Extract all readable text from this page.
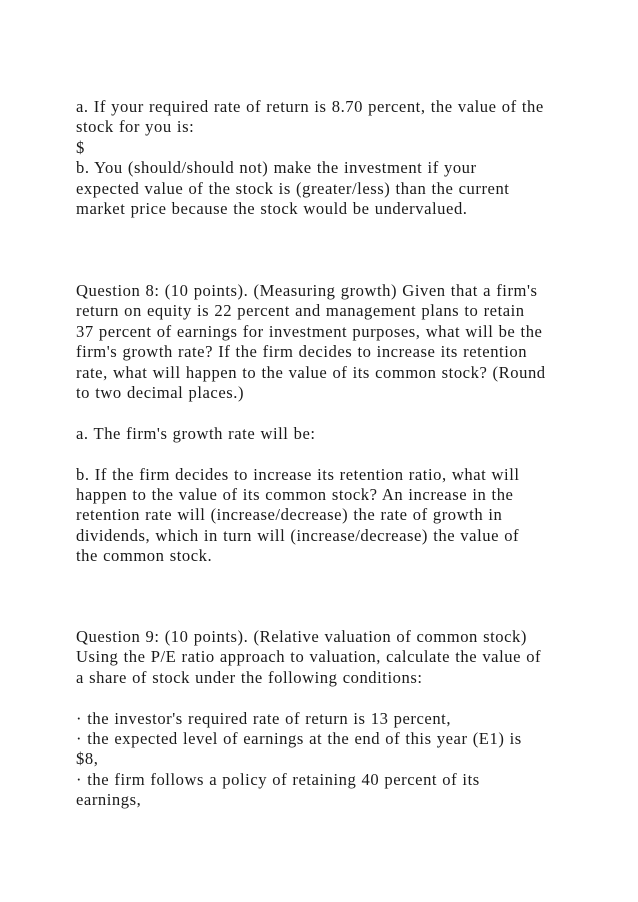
a. If your required rate of return is 8.70 percent, the value of the
stock for you is:
$
b. You (should/should not) make the investment if your
expected value of the stock is (greater/less) than the current
market price because the stock would be undervalued.
Question 8: (10 points). (Measuring growth) Given that a firm's
return on equity is 22 percent and management plans to retain
37 percent of earnings for investment purposes, what will be the
firm's growth rate? If the firm decides to increase its retention
rate, what will happen to the value of its common stock? (Round
to two decimal places.)
a. The firm's growth rate will be:
b. If the firm decides to increase its retention ratio, what will
happen to the value of its common stock? An increase in the
retention rate will (increase/decrease) the rate of growth in
dividends, which in turn will (increase/decrease) the value of
the common stock.
Question 9: (10 points). (Relative valuation of common stock)
Using the P/E ratio approach to valuation, calculate the value of
a share of stock under the following conditions:
· the investor's required rate of return is 13 percent,
· the expected level of earnings at the end of this year (E1) is
$8,
· the firm follows a policy of retaining 40 percent of its
earnings,
